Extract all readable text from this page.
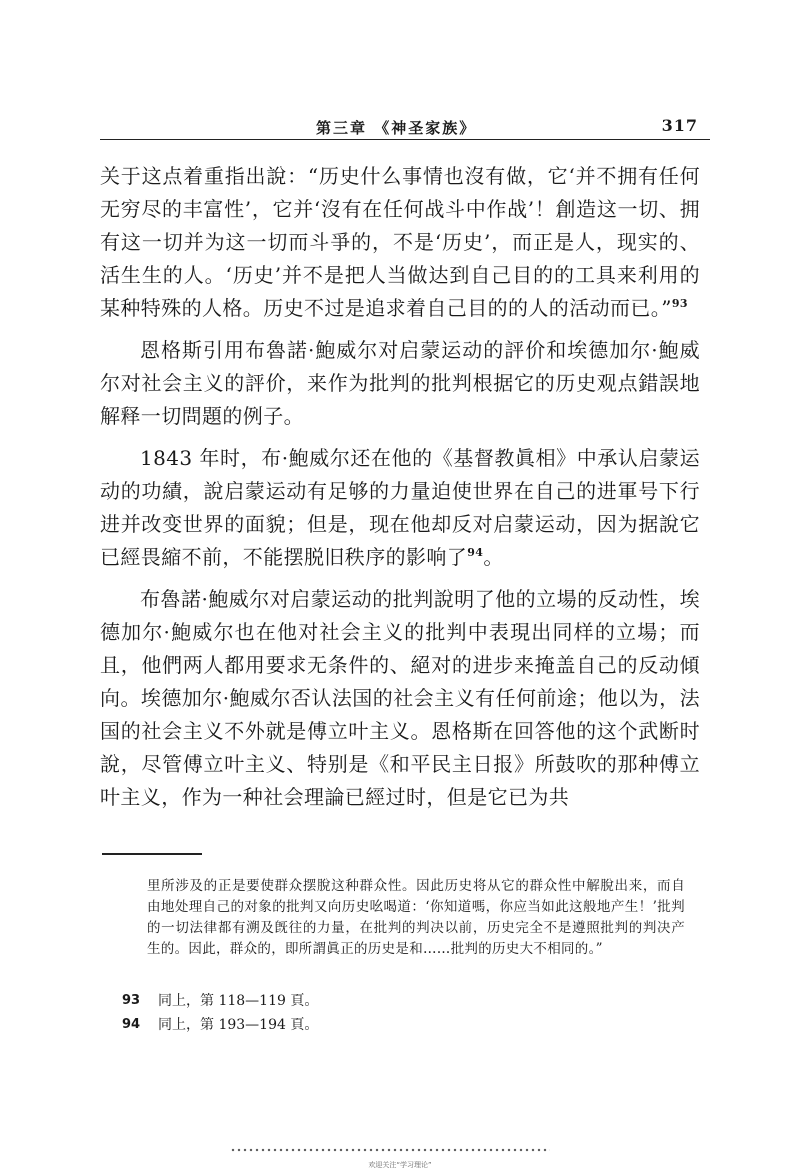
第三章 《神圣家族》	317

关于这点着重指出說：“历史什么事情也沒有做，它‘并不拥有任何无穷尽的丰富性’，它并‘沒有在任何战斗中作战’！創造这一切、拥有这一切并为这一切而斗爭的，不是‘历史’，而正是人，现实的、活生生的人。‘历史’并不是把人当做达到自己目的的工具来利用的某种特殊的人格。历史不过是追求着自己目的的人的活动而已。”$^{93}$

恩格斯引用布魯諾·鮑威尔对启蒙运动的評价和埃德加尔·鮑威尔对社会主义的評价，来作为批判的批判根据它的历史观点錯誤地解释一切問題的例子。

1843 年时，布·鮑威尔还在他的《基督教眞相》中承认启蒙运动的功績，說启蒙运动有足够的力量迫使世界在自己的进軍号下行进并改变世界的面貌；但是，现在他却反对启蒙运动，因为据說它已經畏縮不前，不能摆脱旧秩序的影响了$^{94}$。

布魯諾·鮑威尔对启蒙运动的批判說明了他的立場的反动性，埃德加尔·鮑威尔也在他对社会主义的批判中表現出同样的立場；而且，他們两人都用要求无条件的、絕对的进步来掩盖自己的反动傾向。埃德加尔·鮑威尔否认法国的社会主义有任何前途；他以为，法国的社会主义不外就是傅立叶主义。恩格斯在回答他的这个武断时說，尽管傅立叶主义、特别是《和平民主日报》所鼓吹的那种傅立叶主义，作为一种社会理論已經过时，但是它已为共

里所涉及的正是要使群众摆脫这种群众性。因此历史将从它的群众性中解脫出来，而自由地处理自己的对象的批判又向历史吆喝道：‘你知道嗎，你应当如此这般地产生！’批判的一切法律都有溯及旣往的力量，在批判的判决以前，历史完全不是遵照批判的判决产生的。因此，群众的，即所謂眞正的历史是和……批判的历史大不相同的。”
93	同上，第 118—119 頁。
94	同上，第 193—194 頁。
欢迎关注“学习理论”
